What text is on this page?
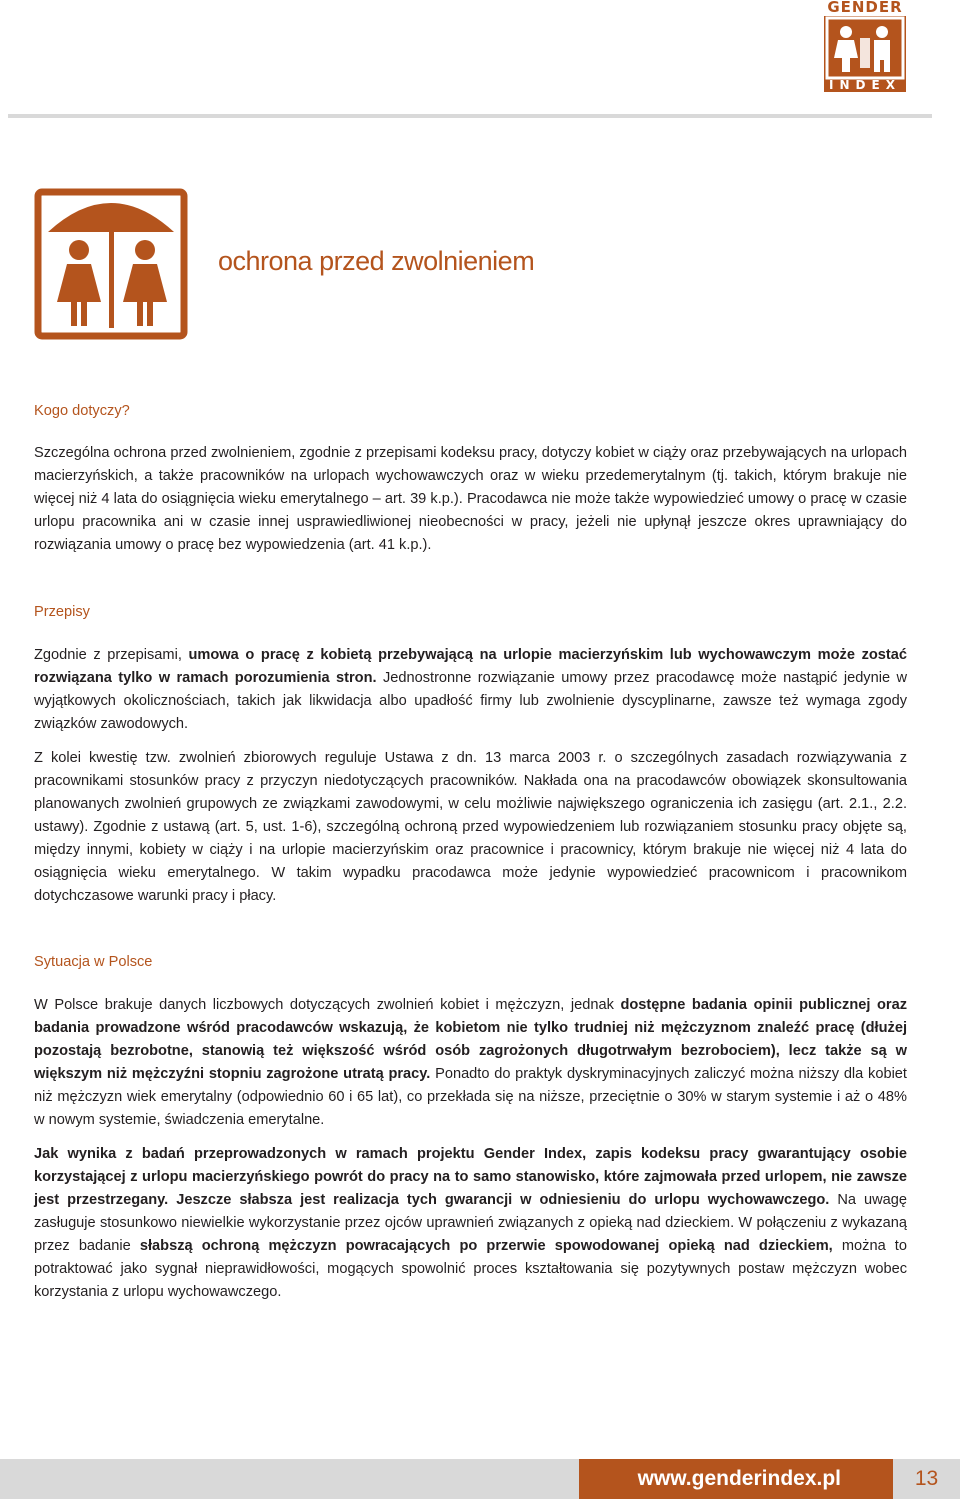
GENDER
INDEX
ochrona przed zwolnieniem
Kogo dotyczy?

Szczególna ochrona przed zwolnieniem, zgodnie z przepisami kodeksu pracy, dotyczy kobiet w ciąży oraz przebywających na urlopach macierzyńskich, a także pracowników na urlopach wychowawczych oraz w wieku przedemerytalnym (tj. takich, którym brakuje nie więcej niż 4 lata do osiągnięcia wieku emerytalnego – art. 39 k.p.). Pracodawca nie może także wypowiedzieć umowy o pracę w czasie urlopu pracownika ani w czasie innej usprawiedliwionej nieobecności w pracy, jeżeli nie upłynął jeszcze okres uprawniający do rozwiązania umowy o pracę bez wypowiedzenia (art. 41 k.p.).

Przepisy

Zgodnie z przepisami, umowa o pracę z kobietą przebywającą na urlopie macierzyńskim lub wychowawczym może zostać rozwiązana tylko w ramach porozumienia stron. Jednostronne rozwiązanie umowy przez pracodawcę może nastąpić jedynie w wyjątkowych okolicznościach, takich jak likwidacja albo upadłość firmy lub zwolnienie dyscyplinarne, zawsze też wymaga zgody związków zawodowych.

Z kolei kwestię tzw. zwolnień zbiorowych reguluje Ustawa z dn. 13 marca 2003 r. o szczególnych zasadach rozwiązywania z pracownikami stosunków pracy z przyczyn niedotyczących pracowników. Nakłada ona na pracodawców obowiązek skonsultowania planowanych zwolnień grupowych ze związkami zawodowymi, w celu możliwie największego ograniczenia ich zasięgu (art. 2.1., 2.2. ustawy). Zgodnie z ustawą (art. 5, ust. 1-6), szczególną ochroną przed wypowiedzeniem lub rozwiązaniem stosunku pracy objęte są, między innymi, kobiety w ciąży i na urlopie macierzyńskim oraz pracownice i pracownicy, którym brakuje nie więcej niż 4 lata do osiągnięcia wieku emerytalnego. W takim wypadku pracodawca może jedynie wypowiedzieć pracownicom i pracownikom dotychczasowe warunki pracy i płacy.

Sytuacja w Polsce

W Polsce brakuje danych liczbowych dotyczących zwolnień kobiet i mężczyzn, jednak dostępne badania opinii publicznej oraz badania prowadzone wśród pracodawców wskazują, że kobietom nie tylko trudniej niż mężczyznom znaleźć pracę (dłużej pozostają bezrobotne, stanowią też większość wśród osób zagrożonych długotrwałym bezrobociem), lecz także są w większym niż mężczyźni stopniu zagrożone utratą pracy. Ponadto do praktyk dyskryminacyjnych zaliczyć można niższy dla kobiet niż mężczyzn wiek emerytalny (odpowiednio 60 i 65 lat), co przekłada się na niższe, przeciętnie o 30% w starym systemie i aż o 48% w nowym systemie, świadczenia emerytalne.

Jak wynika z badań przeprowadzonych w ramach projektu Gender Index, zapis kodeksu pracy gwarantujący osobie korzystającej z urlopu macierzyńskiego powrót do pracy na to samo stanowisko, które zajmowała przed urlopem, nie zawsze jest przestrzegany. Jeszcze słabsza jest realizacja tych gwarancji w odniesieniu do urlopu wychowawczego. Na uwagę zasługuje stosunkowo niewielkie wykorzystanie przez ojców uprawnień związanych z opieką nad dzieckiem. W połączeniu z wykazaną przez badanie słabszą ochroną mężczyzn powracających po przerwie spowodowanej opieką nad dzieckiem, można to potraktować jako sygnał nieprawidłowości, mogących spowolnić proces kształtowania się pozytywnych postaw mężczyzn wobec korzystania z urlopu wychowawczego.

www.genderindex.pl	13
